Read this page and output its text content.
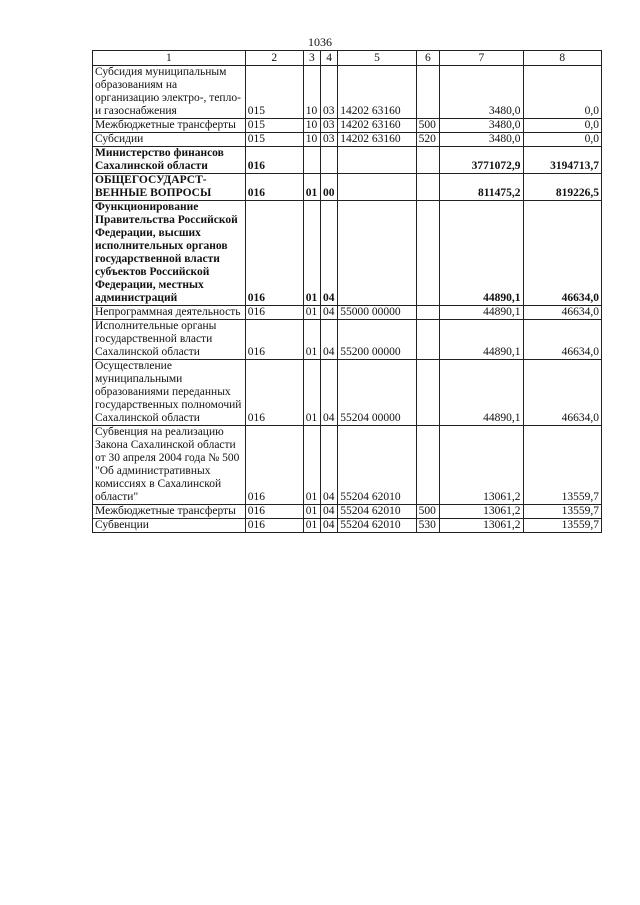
1036
1	2	3	4	5	6	7	8
Субсидия муниципальным образованиям на организацию электро-, тепло- и газоснабжения	015	10	03	14202 63160		3480,0	0,0
Межбюджетные трансферты	015	10	03	14202 63160	500	3480,0	0,0
Субсидии	015	10	03	14202 63160	520	3480,0	0,0
Министерство финансов Сахалинской области	016					3771072,9	3194713,7
ОБЩЕГОСУДАРСТ-ВЕННЫЕ ВОПРОСЫ	016	01	00			811475,2	819226,5
Функционирование Правительства Российской Федерации, высших исполнительных органов государственной власти субъектов Российской Федерации, местных администраций	016	01	04			44890,1	46634,0
Непрограммная деятельность	016	01	04	55000 00000		44890,1	46634,0
Исполнительные органы государственной власти Сахалинской области	016	01	04	55200 00000		44890,1	46634,0
Осуществление муниципальными образованиями переданных государственных полномочий Сахалинской области	016	01	04	55204 00000		44890,1	46634,0
Субвенция на реализацию Закона Сахалинской области от 30 апреля 2004 года № 500 "Об административных комиссиях в Сахалинской области"	016	01	04	55204 62010		13061,2	13559,7
Межбюджетные трансферты	016	01	04	55204 62010	500	13061,2	13559,7
Субвенции	016	01	04	55204 62010	530	13061,2	13559,7
